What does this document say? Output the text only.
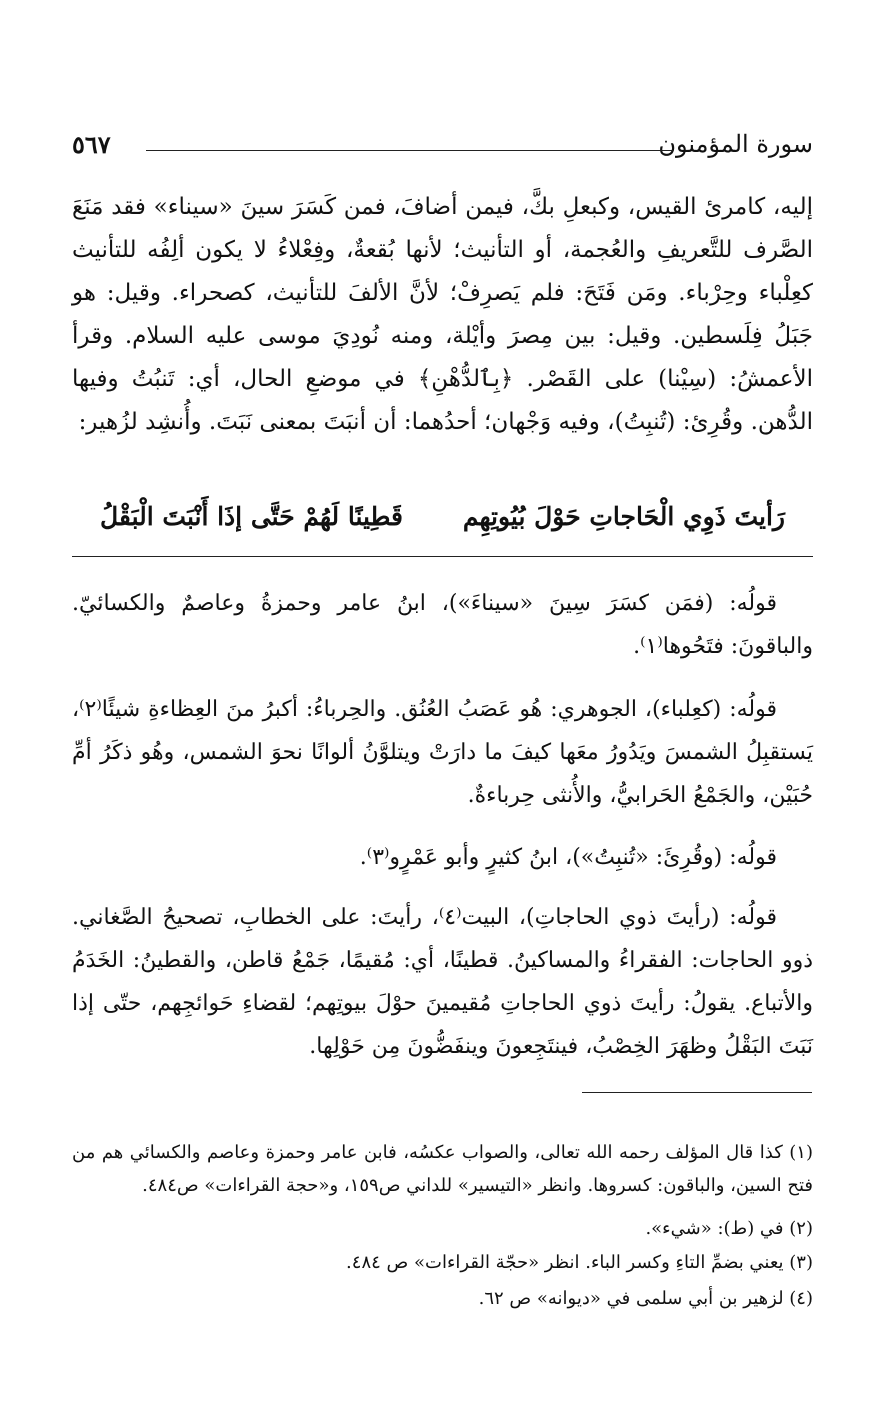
سورة المؤمنون
٥٦٧

إليه، كامرئ القيس، وكبعلِ بكَّ، فيمن أضافَ، فمن كَسَرَ سينَ «سيناء» فقد مَنَعَ الصَّرف للتَّعريفِ والعُجمة، أو التأنيث؛ لأنها بُقعةٌ، وفِعْلاءُ لا يكون ألِفُه للتأنيث كعِلْباء وحِرْباء. ومَن فَتَحَ: فلم يَصرِفْ؛ لأنَّ الألفَ للتأنيث، كصحراء. وقيل: هو جَبَلُ فِلَسطين. وقيل: بين مِصرَ وأيْلة، ومنه نُودِيَ موسى عليه السلام. وقرأ الأعمشُ: (سِيْنا) على القَصْر. ﴿بِٱلدُّهْنِ﴾ في موضعِ الحال، أي: تَنبُتُ وفيها الدُّهن. وقُرِئ: (تُنبِتُ)، وفيه وَجْهان؛ أحدُهما: أن أنبَتَ بمعنى نَبَتَ. وأُنشِد لزُهير:

رَأيتَ ذَوِي الْحَاجاتِ حَوْلَ بُيُوتِهِم
قَطِينًا لَهُمْ حَتَّى إذَا أَنْبَتَ الْبَقْلُ

قولُه: (فمَن كسَرَ سِينَ «سيناءَ»)، ابنُ عامر وحمزةُ وعاصمٌ والكسائيّ. والباقونَ: فتَحُوها⁽١⁾.

قولُه: (كعِلباء)، الجوهري: هُو عَصَبُ العُنُق. والحِرباءُ: أكبرُ منَ العِظاءةِ شيئًا⁽٢⁾، يَستقبِلُ الشمسَ ويَدُورُ معَها كيفَ ما دارَتْ ويتلوَّنُ ألوانًا نحوَ الشمس، وهُو ذكَرُ أمِّ حُبَيْن، والجَمْعُ الحَرابيُّ، والأُنثى حِرباءةٌ.

قولُه: (وقُرِئَ: «تُنبِتُ»)، ابنُ كثيرٍ وأبو عَمْرٍو⁽٣⁾.

قولُه: (رأيتَ ذوي الحاجاتِ)، البيت⁽٤⁾، رأيتَ: على الخطابِ، تصحيحُ الصَّغاني. ذوو الحاجات: الفقراءُ والمساكينُ. قطينًا، أي: مُقيمًا، جَمْعُ قاطن، والقطينُ: الخَدَمُ والأتباع. يقولُ: رأيتَ ذوي الحاجاتِ مُقيمينَ حوْلَ بيوتِهم؛ لقضاءِ حَوائجِهم، حتّى إذا نَبَتَ البَقْلُ وظهَرَ الخِصْبُ، فينتَجِعونَ وينفَضُّونَ مِن حَوْلِها.

(١) كذا قال المؤلف رحمه الله تعالى، والصواب عكسُه، فابن عامر وحمزة وعاصم والكسائي هم من فتح السين، والباقون: كسروها. وانظر «التيسير» للداني ص١٥٩، و«حجة القراءات» ص٤٨٤.

(٢) في (ط): «شيء».

(٣) يعني بضمِّ التاءِ وكسر الباء. انظر «حجّة القراءات» ص ٤٨٤.

(٤) لزهير بن أبي سلمى في «ديوانه» ص ٦٢.
